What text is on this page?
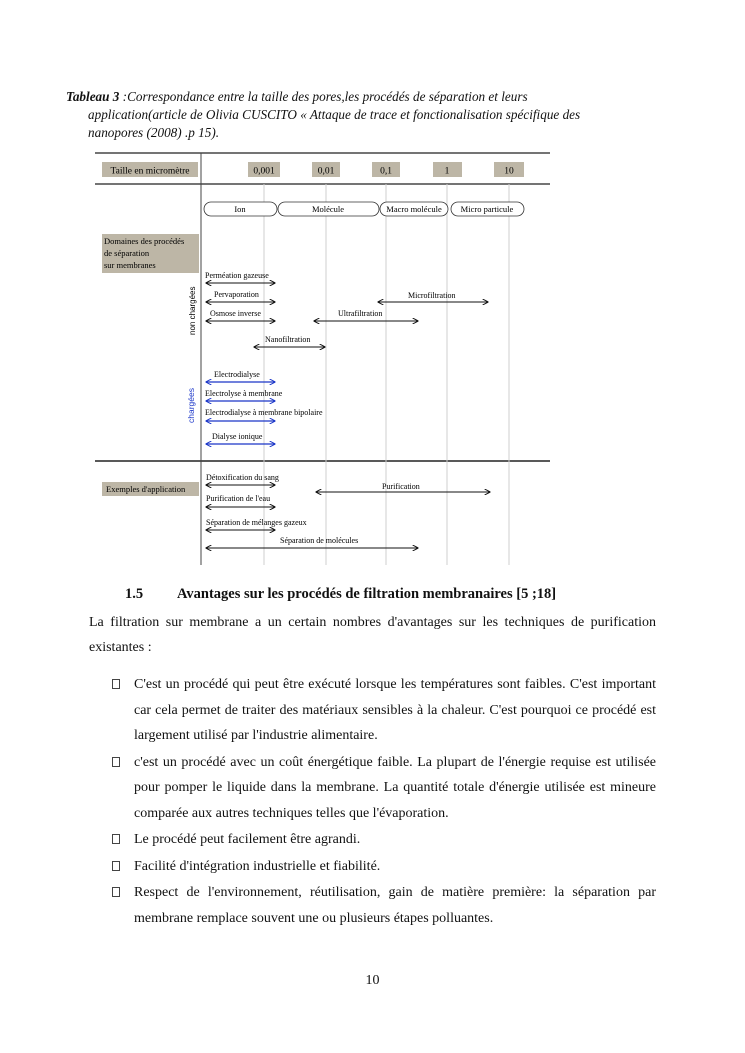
Tableau 3 :Correspondance entre la taille des pores,les procédés de séparation et leurs
application(article de Olivia CUSCITO « Attaque de trace et fonctionalisation spécifique des
nanopores (2008) .p 15).
Taille en micromètre	0,001	0,01	0,1	1	10
Ion	Molécule	Macro molécule Micro particule
Domaines des procédés
de séparation
sur membranes
non chargées
Perméation gazeuse
Pervaporation	Microfiltration
Osmose inverse	Ultrafiltration
Nanofiltration
chargées
Electrodialyse
Electrolyse à membrane
Electrodialyse à membrane bipolaire
Dialyse ionique
Exemples d'application
Détoxification du sang
Purification
Purification de l'eau
Séparation de mélanges gazeux
Séparation de molécules
1.5 Avantages sur les procédés de filtration membranaires [5 ;18]
La filtration sur membrane a un certain nombres d'avantages sur les techniques de purification existantes :
C'est un procédé qui peut être exécuté lorsque les températures sont faibles. C'est important car cela permet de traiter des matériaux sensibles à la chaleur. C'est pourquoi ce procédé est largement utilisé par l'industrie alimentaire.
c'est un procédé avec un coût énergétique faible. La plupart de l'énergie requise est utilisée pour pomper le liquide dans la membrane. La quantité totale d'énergie utilisée est mineure comparée aux autres techniques telles que l'évaporation.
Le procédé peut facilement être agrandi.
Facilité d'intégration industrielle et fiabilité.
Respect de l'environnement, réutilisation, gain de matière première: la séparation par membrane remplace souvent une ou plusieurs étapes polluantes.
10
